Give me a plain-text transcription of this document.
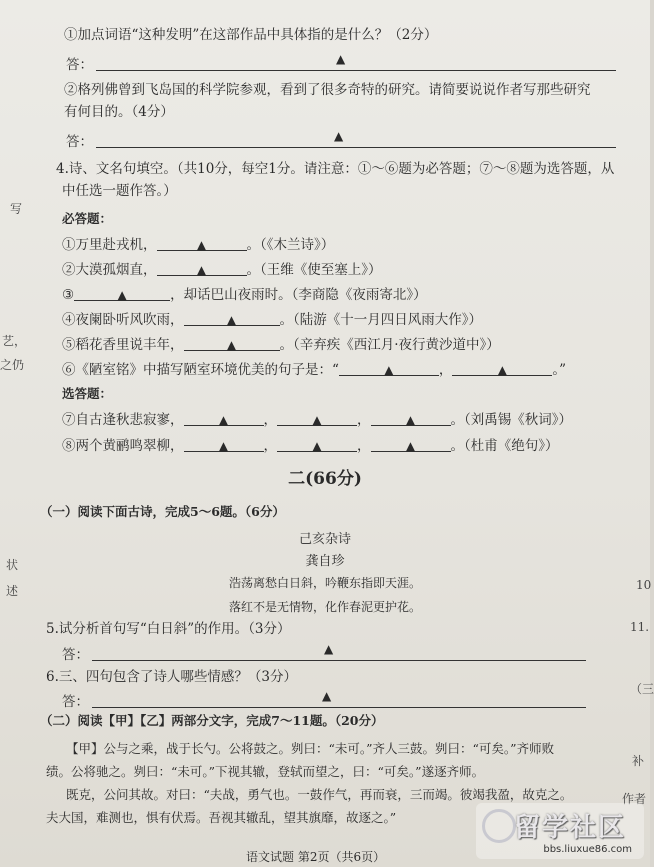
①加点词语“这种发明”在这部作品中具体指的是什么？（2分）
答：	▲
②格列佛曾到飞岛国的科学院参观，看到了很多奇特的研究。请简要说说作者写那些研究
有何目的。（4分）
答：	▲
4.诗、文名句填空。（共10分，每空1分。请注意：①～⑥题为必答题；⑦～⑧题为选答题，从
中任选一题作答。）
必答题：
①万里赴戎机，	▲	。（《木兰诗》）
②大漠孤烟直，	▲	。（王维《使至塞上》）
③	▲	，却话巴山夜雨时。（李商隐《夜雨寄北》）
④夜阑卧听风吹雨，	▲	。（陆游《十一月四日风雨大作》）
⑤稻花香里说丰年，	▲	。（辛弃疾《西江月·夜行黄沙道中》）
⑥《陋室铭》中描写陋室环境优美的句子是：“	▲	，	▲	。”
选答题：
⑦自古逢秋悲寂寥，	▲	，	▲	，	▲	。（刘禹锡《秋词》）
⑧两个黄鹂鸣翠柳，	▲	，	▲	，	▲	。（杜甫《绝句》）
二(66分)
（一）阅读下面古诗，完成5～6题。（6分）
己亥杂诗
龚自珍
浩荡离愁白日斜，吟鞭东指即天涯。
落红不是无情物，化作春泥更护花。
5.试分析首句写“白日斜”的作用。（3分）
答：	▲
6.三、四句包含了诗人哪些情感？（3分）
答：	▲
（二）阅读【甲】【乙】两部分文字，完成7～11题。（20分）
【甲】公与之乘，战于长勺。公将鼓之。刿曰：“未可。”齐人三鼓。刿曰：“可矣。”齐师败
绩。公将驰之。刿曰：“未可。”下视其辙，登轼而望之，曰：“可矣。”遂逐齐师。
既克，公问其故。对曰：“夫战，勇气也。一鼓作气，再而衰，三而竭。彼竭我盈，故克之。
夫大国，难测也，惧有伏焉。吾视其辙乱，望其旗靡，故逐之。”
写
艺，
之仍
状
述	10
11.
（三
补
作者
语文试题 第2页（共6页）
留学社区
bbs.liuxue86.com
